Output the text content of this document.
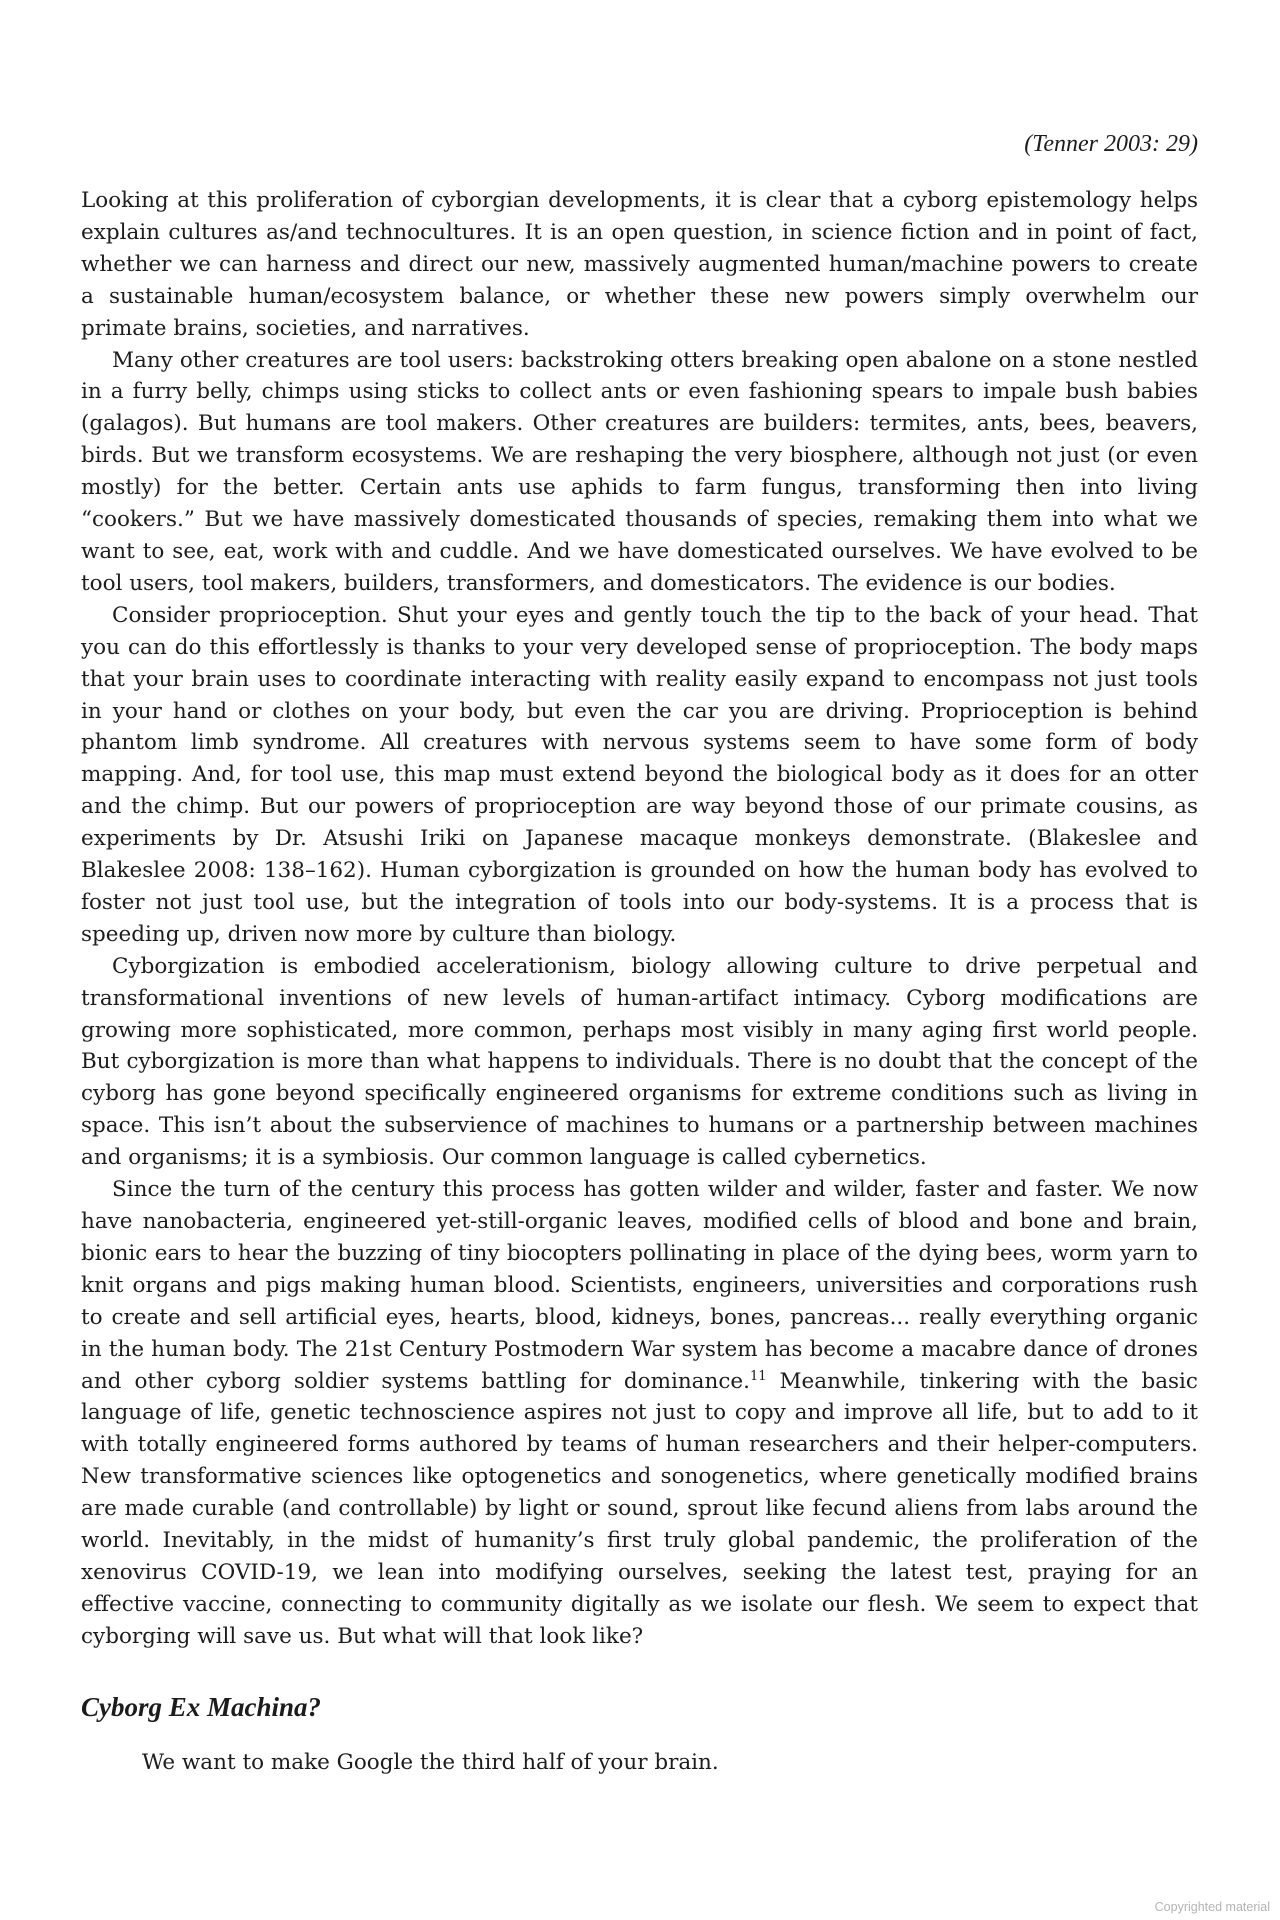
(Tenner 2003: 29)

Looking at this proliferation of cyborgian developments, it is clear that a cyborg epistemology helps explain cultures as/and technocultures. It is an open question, in science fiction and in point of fact, whether we can harness and direct our new, massively augmented human/machine powers to create a sustainable human/ecosystem balance, or whether these new powers simply overwhelm our primate brains, societies, and narratives.

Many other creatures are tool users: backstroking otters breaking open abalone on a stone nestled in a furry belly, chimps using sticks to collect ants or even fashioning spears to impale bush babies (galagos). But humans are tool makers. Other creatures are builders: termites, ants, bees, beavers, birds. But we transform ecosystems. We are reshaping the very biosphere, although not just (or even mostly) for the better. Certain ants use aphids to farm fungus, transforming then into living “cookers.” But we have massively domesticated thousands of species, remaking them into what we want to see, eat, work with and cuddle. And we have domesticated ourselves. We have evolved to be tool users, tool makers, builders, transformers, and domesticators. The evidence is our bodies.

Consider proprioception. Shut your eyes and gently touch the tip to the back of your head. That you can do this effortlessly is thanks to your very developed sense of proprioception. The body maps that your brain uses to coordinate interacting with reality easily expand to encompass not just tools in your hand or clothes on your body, but even the car you are driving. Proprioception is behind phantom limb syndrome. All creatures with nervous systems seem to have some form of body mapping. And, for tool use, this map must extend beyond the biological body as it does for an otter and the chimp. But our powers of proprioception are way beyond those of our primate cousins, as experiments by Dr. Atsushi Iriki on Japanese macaque monkeys demonstrate. (Blakeslee and Blakeslee 2008: 138–162). Human cyborgization is grounded on how the human body has evolved to foster not just tool use, but the integration of tools into our body-systems. It is a process that is speeding up, driven now more by culture than biology.

Cyborgization is embodied accelerationism, biology allowing culture to drive perpetual and transformational inventions of new levels of human-artifact intimacy. Cyborg modifications are growing more sophisticated, more common, perhaps most visibly in many aging first world people. But cyborgization is more than what happens to individuals. There is no doubt that the concept of the cyborg has gone beyond specifically engineered organisms for extreme conditions such as living in space. This isn’t about the subservience of machines to humans or a partnership between machines and organisms; it is a symbiosis. Our common language is called cybernetics.

Since the turn of the century this process has gotten wilder and wilder, faster and faster. We now have nanobacteria, engineered yet-still-organic leaves, modified cells of blood and bone and brain, bionic ears to hear the buzzing of tiny biocopters pollinating in place of the dying bees, worm yarn to knit organs and pigs making human blood. Scientists, engineers, universities and corporations rush to create and sell artificial eyes, hearts, blood, kidneys, bones, pancreas... really everything organic in the human body. The 21st Century Postmodern War system has become a macabre dance of drones and other cyborg soldier systems battling for dominance.$^{11}$ Meanwhile, tinkering with the basic language of life, genetic technoscience aspires not just to copy and improve all life, but to add to it with totally engineered forms authored by teams of human researchers and their helper-computers. New transformative sciences like optogenetics and sonogenetics, where genetically modified brains are made curable (and controllable) by light or sound, sprout like fecund aliens from labs around the world. Inevitably, in the midst of humanity’s first truly global pandemic, the proliferation of the xenovirus COVID-19, we lean into modifying ourselves, seeking the latest test, praying for an effective vaccine, connecting to community digitally as we isolate our flesh. We seem to expect that cyborging will save us. But what will that look like?

Cyborg Ex Machina?

We want to make Google the third half of your brain.

Copyrighted material
